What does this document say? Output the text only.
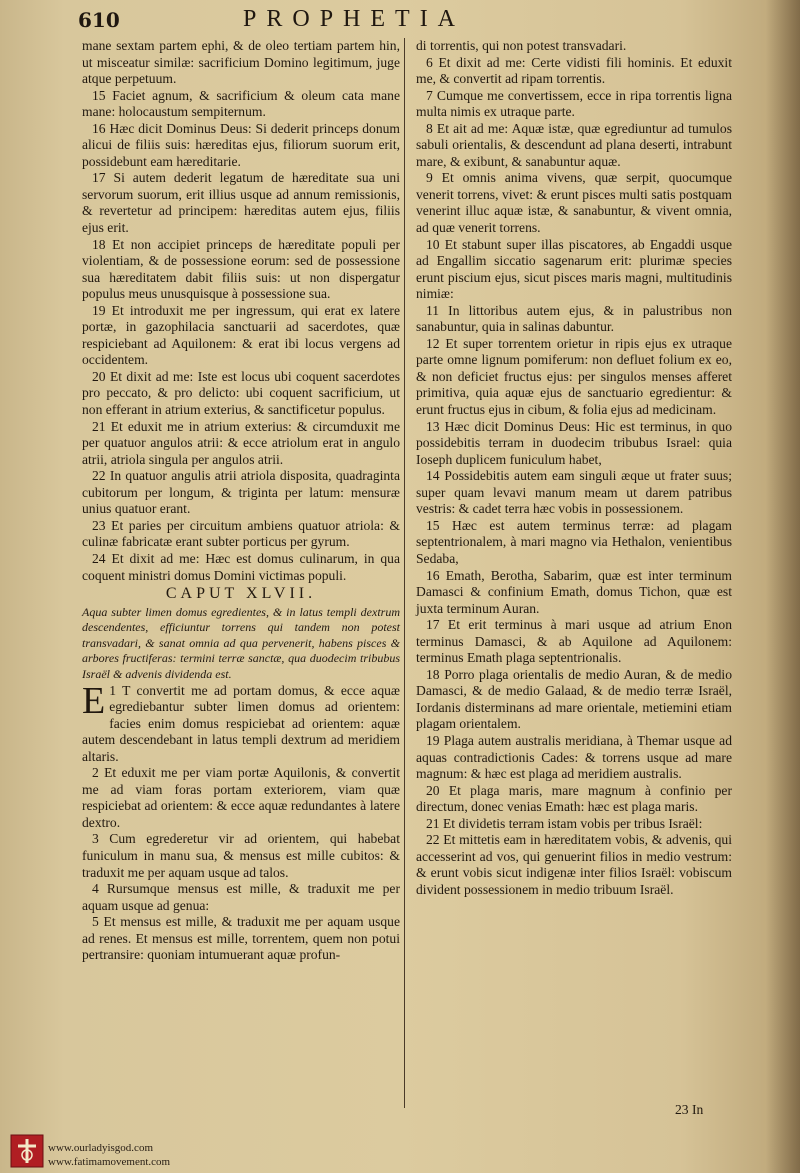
610	PROPHETIA

mane sextam partem ephi, & de oleo tertiam partem hin, ut misceatur similæ: sacrificium Domino legitimum, juge atque perpetuum.

15 Faciet agnum, & sacrificium & oleum cata mane mane: holocaustum sempiternum.

16 Hæc dicit Dominus Deus: Si dederit princeps donum alicui de filiis suis: hæreditas ejus, filiorum suorum erit, possidebunt eam hæreditarie.

17 Si autem dederit legatum de hæreditate sua uni servorum suorum, erit illius usque ad annum remissionis, & revertetur ad principem: hæreditas autem ejus, filiis ejus erit.

18 Et non accipiet princeps de hæreditate populi per violentiam, & de possessione eorum: sed de possessione sua hæreditatem dabit filiis suis: ut non dispergatur populus meus unusquisque à possessione sua.

19 Et introduxit me per ingressum, qui erat ex latere portæ, in gazophilacia sanctuarii ad sacerdotes, quæ respiciebant ad Aquilonem: & erat ibi locus vergens ad occidentem.

20 Et dixit ad me: Iste est locus ubi coquent sacerdotes pro peccato, & pro delicto: ubi coquent sacrificium, ut non efferant in atrium exterius, & sanctificetur populus.

21 Et eduxit me in atrium exterius: & circumduxit me per quatuor angulos atrii: & ecce atriolum erat in angulo atrii, atriola singula per angulos atrii.

22 In quatuor angulis atrii atriola disposita, quadraginta cubitorum per longum, & triginta per latum: mensuræ unius quatuor erant.

23 Et paries per circuitum ambiens quatuor atriola: & culinæ fabricatæ erant subter porticus per gyrum.

24 Et dixit ad me: Hæc est domus culinarum, in qua coquent ministri domus Domini victimas populi.

CAPUT XLVII.

Aqua subter limen domus egredientes, & in latus templi dextrum descendentes, efficiuntur torrens qui tandem non potest transvadari, & sanat omnia ad qua pervenerit, habens pisces & arbores fructiferas: termini terræ sanctæ, qua duodecim tribubus Israël & advenis dividenda est.

E 1 T convertit me ad portam domus, & ecce aquæ egrediebantur subter limen domus ad orientem: facies enim domus respiciebat ad orientem: aquæ autem descendebant in latus templi dextrum ad meridiem altaris.

2 Et eduxit me per viam portæ Aquilonis, & convertit me ad viam foras portam exteriorem, viam quæ respiciebat ad orientem: & ecce aquæ redundantes à latere dextro.

3 Cum egrederetur vir ad orientem, qui habebat funiculum in manu sua, & mensus est mille cubitos: & traduxit me per aquam usque ad talos.

4 Rursumque mensus est mille, & traduxit me per aquam usque ad genua:

5 Et mensus est mille, & traduxit me per aquam usque ad renes. Et mensus est mille, torrentem, quem non potui pertransire: quoniam intumuerant aquæ profun-

di torrentis, qui non potest transvadari.

6 Et dixit ad me: Certe vidisti fili hominis. Et eduxit me, & convertit ad ripam torrentis.

7 Cumque me convertissem, ecce in ripa torrentis ligna multa nimis ex utraque parte.

8 Et ait ad me: Aquæ istæ, quæ egrediuntur ad tumulos sabuli orientalis, & descendunt ad plana deserti, intrabunt mare, & exibunt, & sanabuntur aquæ.

9 Et omnis anima vivens, quæ serpit, quocumque venerit torrens, vivet: & erunt pisces multi satis postquam venerint illuc aquæ istæ, & sanabuntur, & vivent omnia, ad quæ venerit torrens.

10 Et stabunt super illas piscatores, ab Engaddi usque ad Engallim siccatio sagenarum erit: plurimæ species erunt piscium ejus, sicut pisces maris magni, multitudinis nimiæ:

11 In littoribus autem ejus, & in palustribus non sanabuntur, quia in salinas dabuntur.

12 Et super torrentem orietur in ripis ejus ex utraque parte omne lignum pomiferum: non defluet folium ex eo, & non deficiet fructus ejus: per singulos menses afferet primitiva, quia aquæ ejus de sanctuario egredientur: & erunt fructus ejus in cibum, & folia ejus ad medicinam.

13 Hæc dicit Dominus Deus: Hic est terminus, in quo possidebitis terram in duodecim tribubus Israel: quia Ioseph duplicem funiculum habet,

14 Possidebitis autem eam singuli æque ut frater suus; super quam levavi manum meam ut darem patribus vestris: & cadet terra hæc vobis in possessionem.

15 Hæc est autem terminus terræ: ad plagam septentrionalem, à mari magno via Hethalon, venientibus Sedaba,

16 Emath, Berotha, Sabarim, quæ est inter terminum Damasci & confinium Emath, domus Tichon, quæ est juxta terminum Auran.

17 Et erit terminus à mari usque ad atrium Enon terminus Damasci, & ab Aquilone ad Aquilonem: terminus Emath plaga septentrionalis.

18 Porro plaga orientalis de medio Auran, & de medio Damasci, & de medio Galaad, & de medio terræ Israël, Iordanis disterminans ad mare orientale, metiemini etiam plagam orientalem.

19 Plaga autem australis meridiana, à Themar usque ad aquas contradictionis Cades: & torrens usque ad mare magnum: & hæc est plaga ad meridiem australis.

20 Et plaga maris, mare magnum à confinio per directum, donec venias Emath: hæc est plaga maris.

21 Et dividetis terram istam vobis per tribus Israël:

22 Et mittetis eam in hæreditatem vobis, & advenis, qui accesserint ad vos, qui genuerint filios in medio vestrum: & erunt vobis sicut indigenæ inter filios Israël: vobiscum divident possessionem in medio tribuum Israël.

23 In
www.ourladyisgod.com
www.fatimamovement.com
